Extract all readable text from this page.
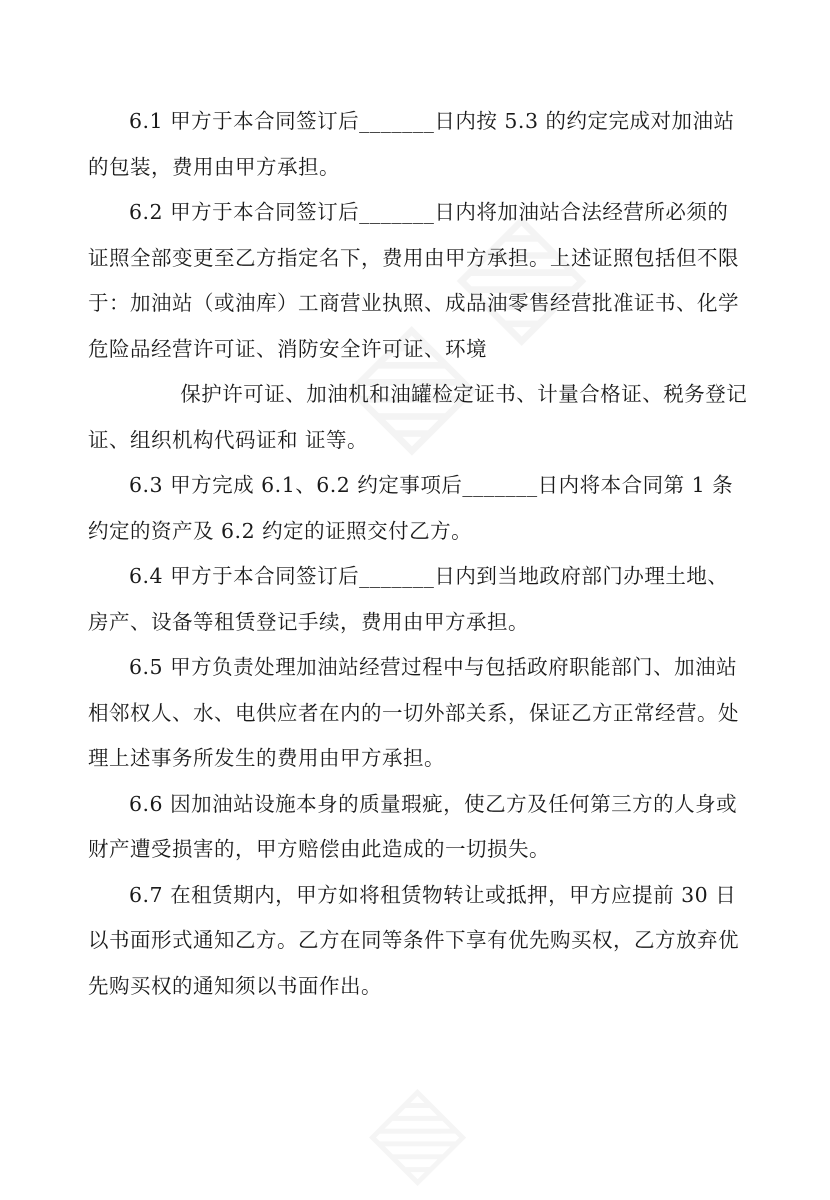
6.1 甲方于本合同签订后_______日内按 5.3 的约定完成对加油站的包装，费用由甲方承担。

6.2 甲方于本合同签订后_______日内将加油站合法经营所必须的证照全部变更至乙方指定名下，费用由甲方承担。上述证照包括但不限于：加油站（或油库）工商营业执照、成品油零售经营批准证书、化学危险品经营许可证、消防安全许可证、环境

保护许可证、加油机和油罐检定证书、计量合格证、税务登记证、组织机构代码证和 证等。

6.3 甲方完成 6.1、6.2 约定事项后_______日内将本合同第 1 条约定的资产及 6.2 约定的证照交付乙方。

6.4 甲方于本合同签订后_______日内到当地政府部门办理土地、房产、设备等租赁登记手续，费用由甲方承担。

6.5 甲方负责处理加油站经营过程中与包括政府职能部门、加油站相邻权人、水、电供应者在内的一切外部关系，保证乙方正常经营。处理上述事务所发生的费用由甲方承担。

6.6 因加油站设施本身的质量瑕疵，使乙方及任何第三方的人身或财产遭受损害的，甲方赔偿由此造成的一切损失。

6.7 在租赁期内，甲方如将租赁物转让或抵押，甲方应提前 30 日以书面形式通知乙方。乙方在同等条件下享有优先购买权，乙方放弃优先购买权的通知须以书面作出。
